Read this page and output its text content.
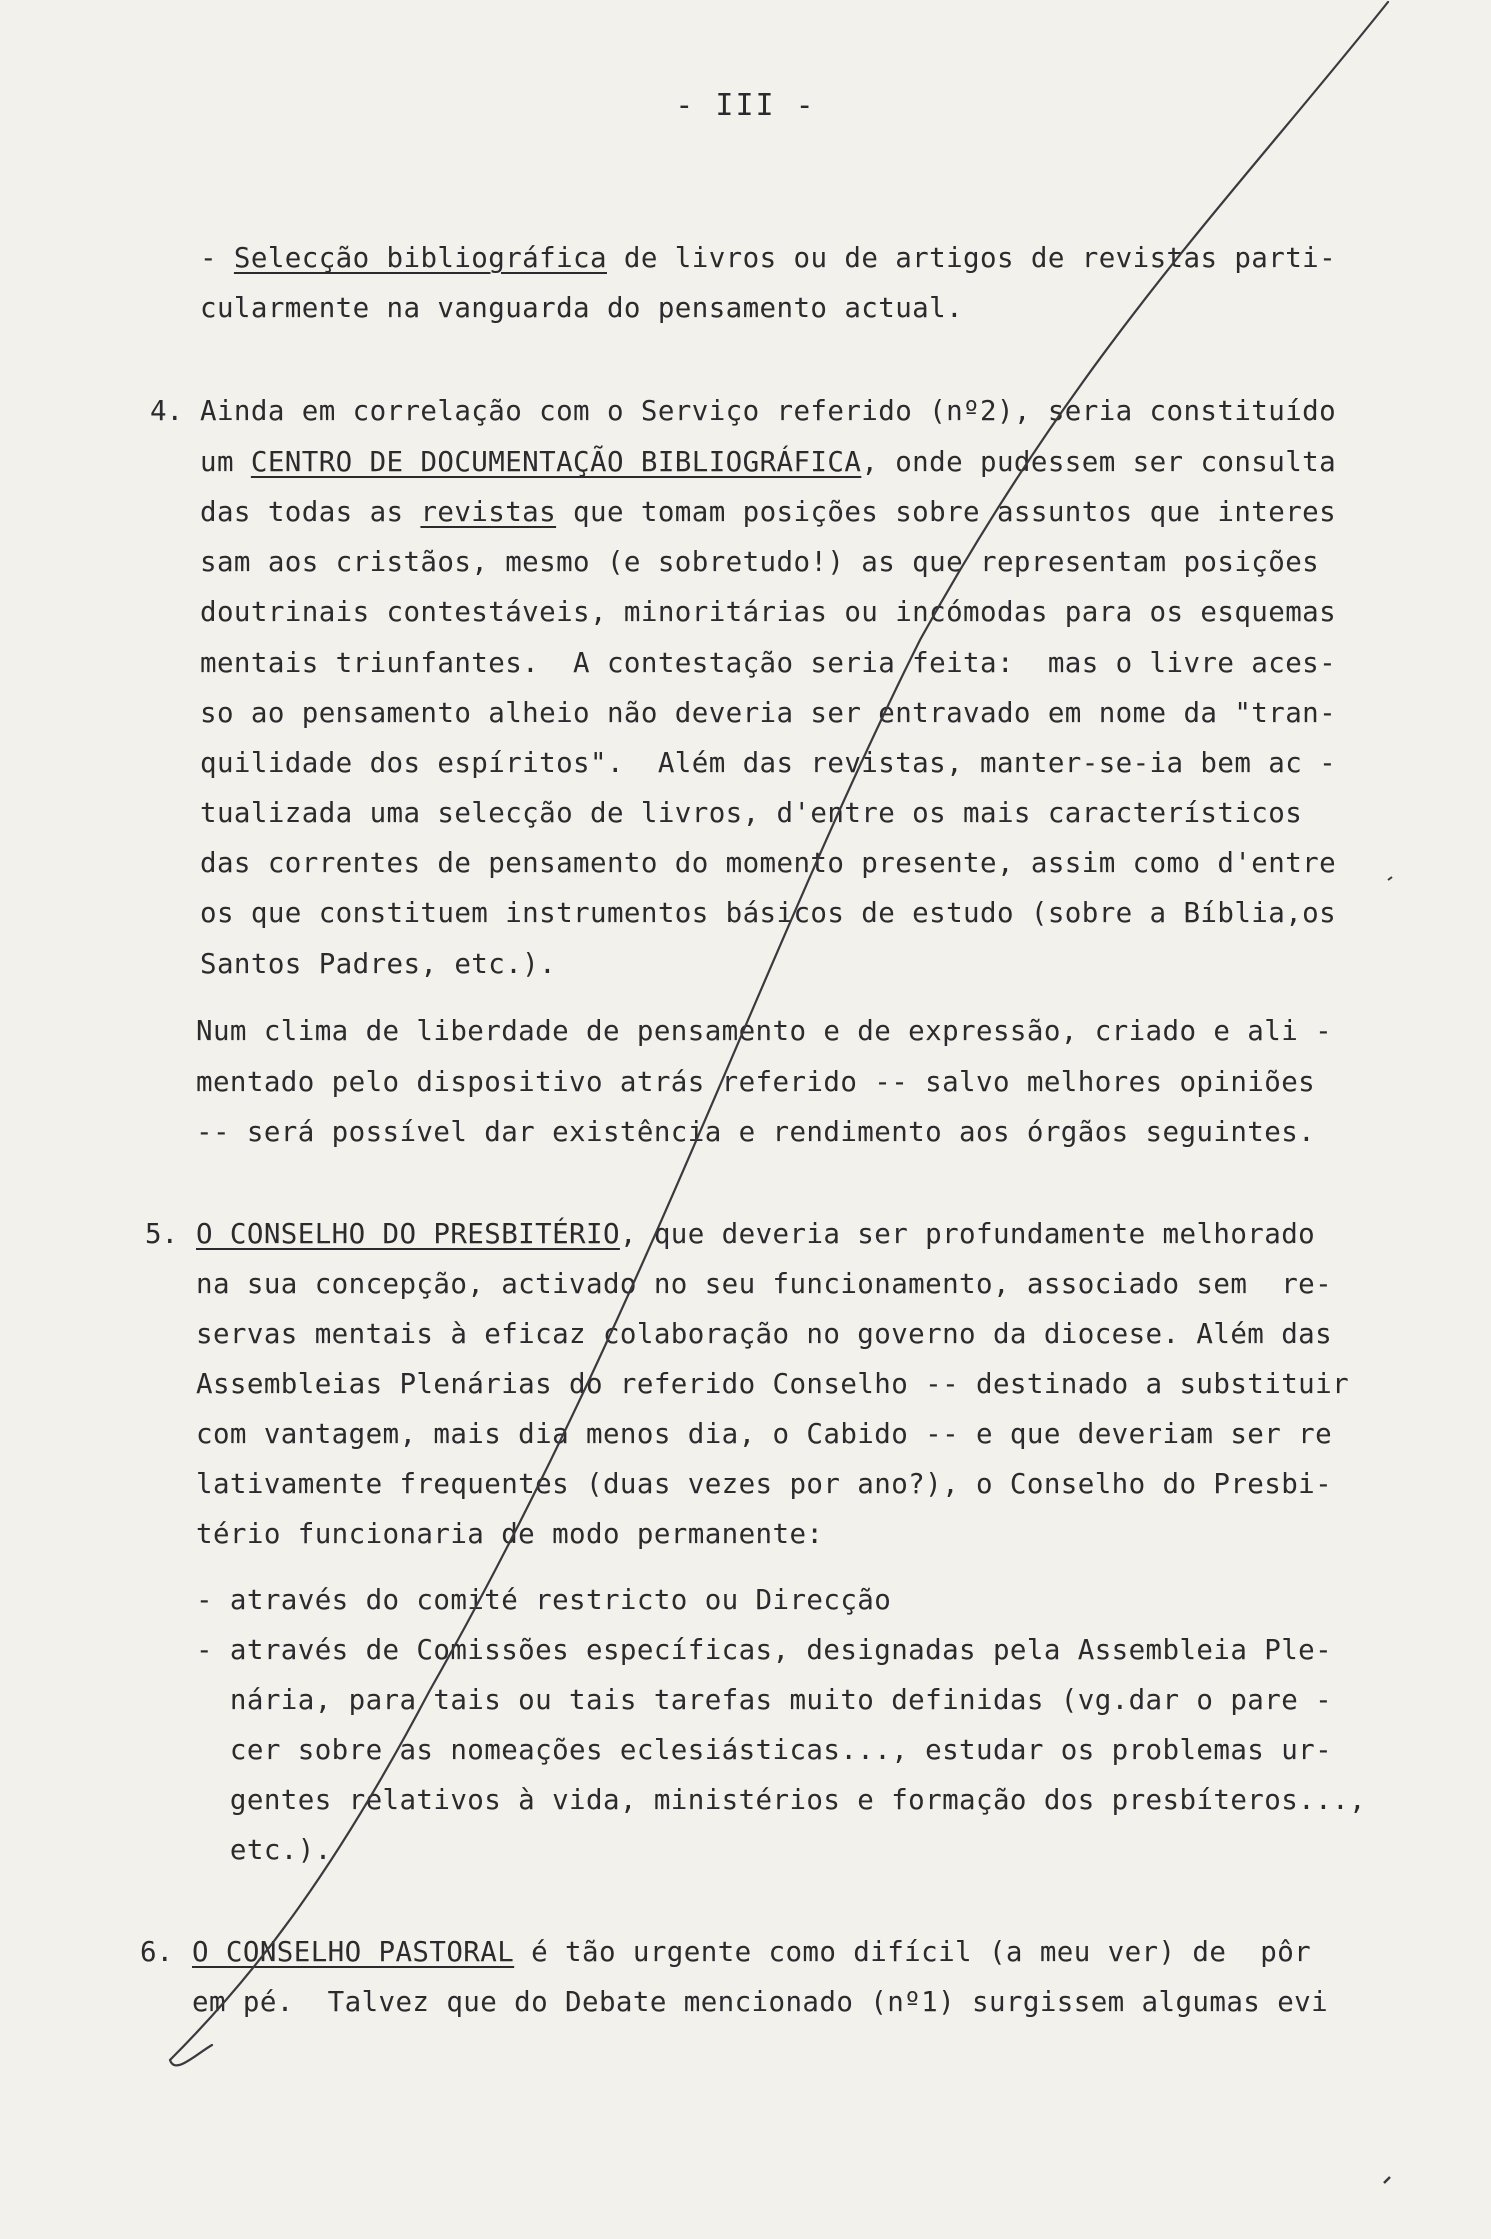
- III -
- Selecção bibliográfica de livros ou de artigos de revistas parti-
cularmente na vanguarda do pensamento actual.
4. Ainda em correlação com o Serviço referido (nº2), seria constituído
um CENTRO DE DOCUMENTAÇÃO BIBLIOGRÁFICA, onde pudessem ser consulta
das todas as revistas que tomam posições sobre assuntos que interes
sam aos cristãos, mesmo (e sobretudo!) as que representam posições
doutrinais contestáveis, minoritárias ou incómodas para os esquemas
mentais triunfantes.  A contestação seria feita:  mas o livre aces-
so ao pensamento alheio não deveria ser entravado em nome da "tran-
quilidade dos espíritos".  Além das revistas, manter-se-ia bem ac -
tualizada uma selecção de livros, d'entre os mais característicos
das correntes de pensamento do momento presente, assim como d'entre
os que constituem instrumentos básicos de estudo (sobre a Bíblia,os
Santos Padres, etc.).
Num clima de liberdade de pensamento e de expressão, criado e ali -
mentado pelo dispositivo atrás referido -- salvo melhores opiniões
-- será possível dar existência e rendimento aos órgãos seguintes.
5. O CONSELHO DO PRESBITÉRIO, que deveria ser profundamente melhorado
na sua concepção, activado no seu funcionamento, associado sem  re-
servas mentais à eficaz colaboração no governo da diocese. Além das
Assembleias Plenárias do referido Conselho -- destinado a substituir
com vantagem, mais dia menos dia, o Cabido -- e que deveriam ser re
lativamente frequentes (duas vezes por ano?), o Conselho do Presbi-
tério funcionaria de modo permanente:
- através do comité restricto ou Direcção
- através de Comissões específicas, designadas pela Assembleia Ple-
nária, para tais ou tais tarefas muito definidas (vg.dar o pare -
cer sobre as nomeações eclesiásticas..., estudar os problemas ur-
gentes relativos à vida, ministérios e formação dos presbíteros...,
etc.).
6. O CONSELHO PASTORAL é tão urgente como difícil (a meu ver) de  pôr
em pé.  Talvez que do Debate mencionado (nº1) surgissem algumas evi
